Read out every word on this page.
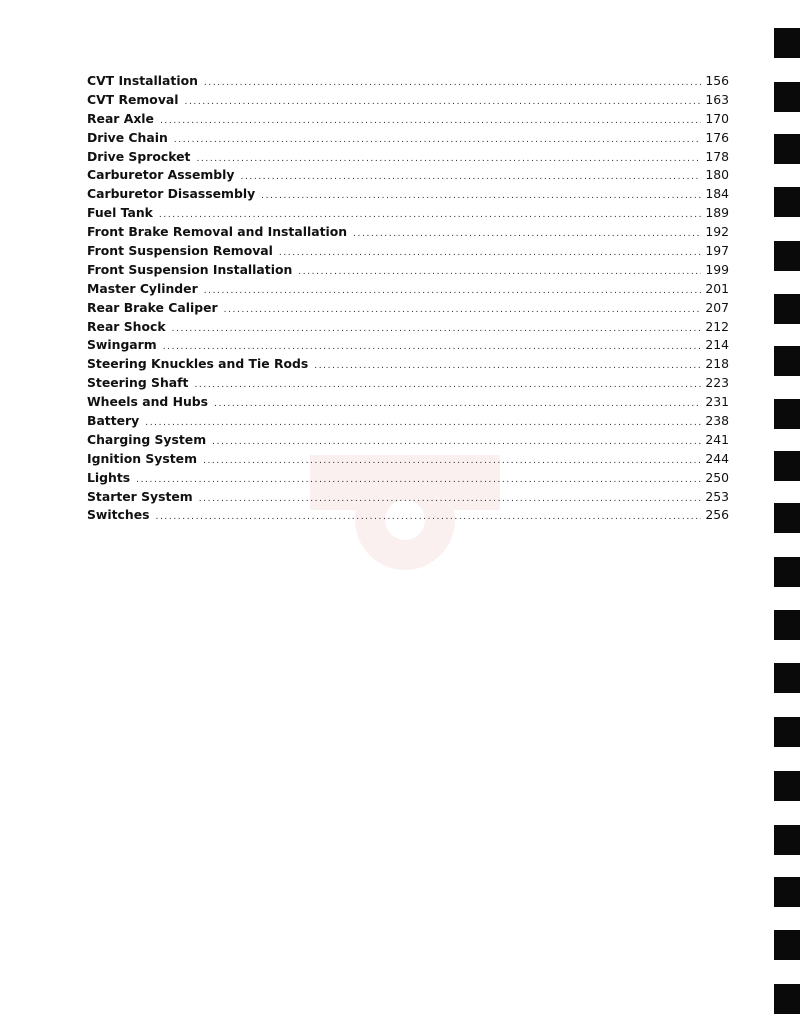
CVT Installation .....	156
CVT Removal .....	163
Rear Axle .....	170
Drive Chain .....	176
Drive Sprocket .....	178
Carburetor Assembly .....	180
Carburetor Disassembly .....	184
Fuel Tank .....	189
Front Brake Removal and Installation .....	192
Front Suspension Removal .....	197
Front Suspension Installation .....	199
Master Cylinder .....	201
Rear Brake Caliper .....	207
Rear Shock .....	212
Swingarm .....	214
Steering Knuckles and Tie Rods .....	218
Steering Shaft .....	223
Wheels and Hubs .....	231
Battery .....	238
Charging System .....	241
Ignition System .....	244
Lights .....	250
Starter System .....	253
Switches .....	256
